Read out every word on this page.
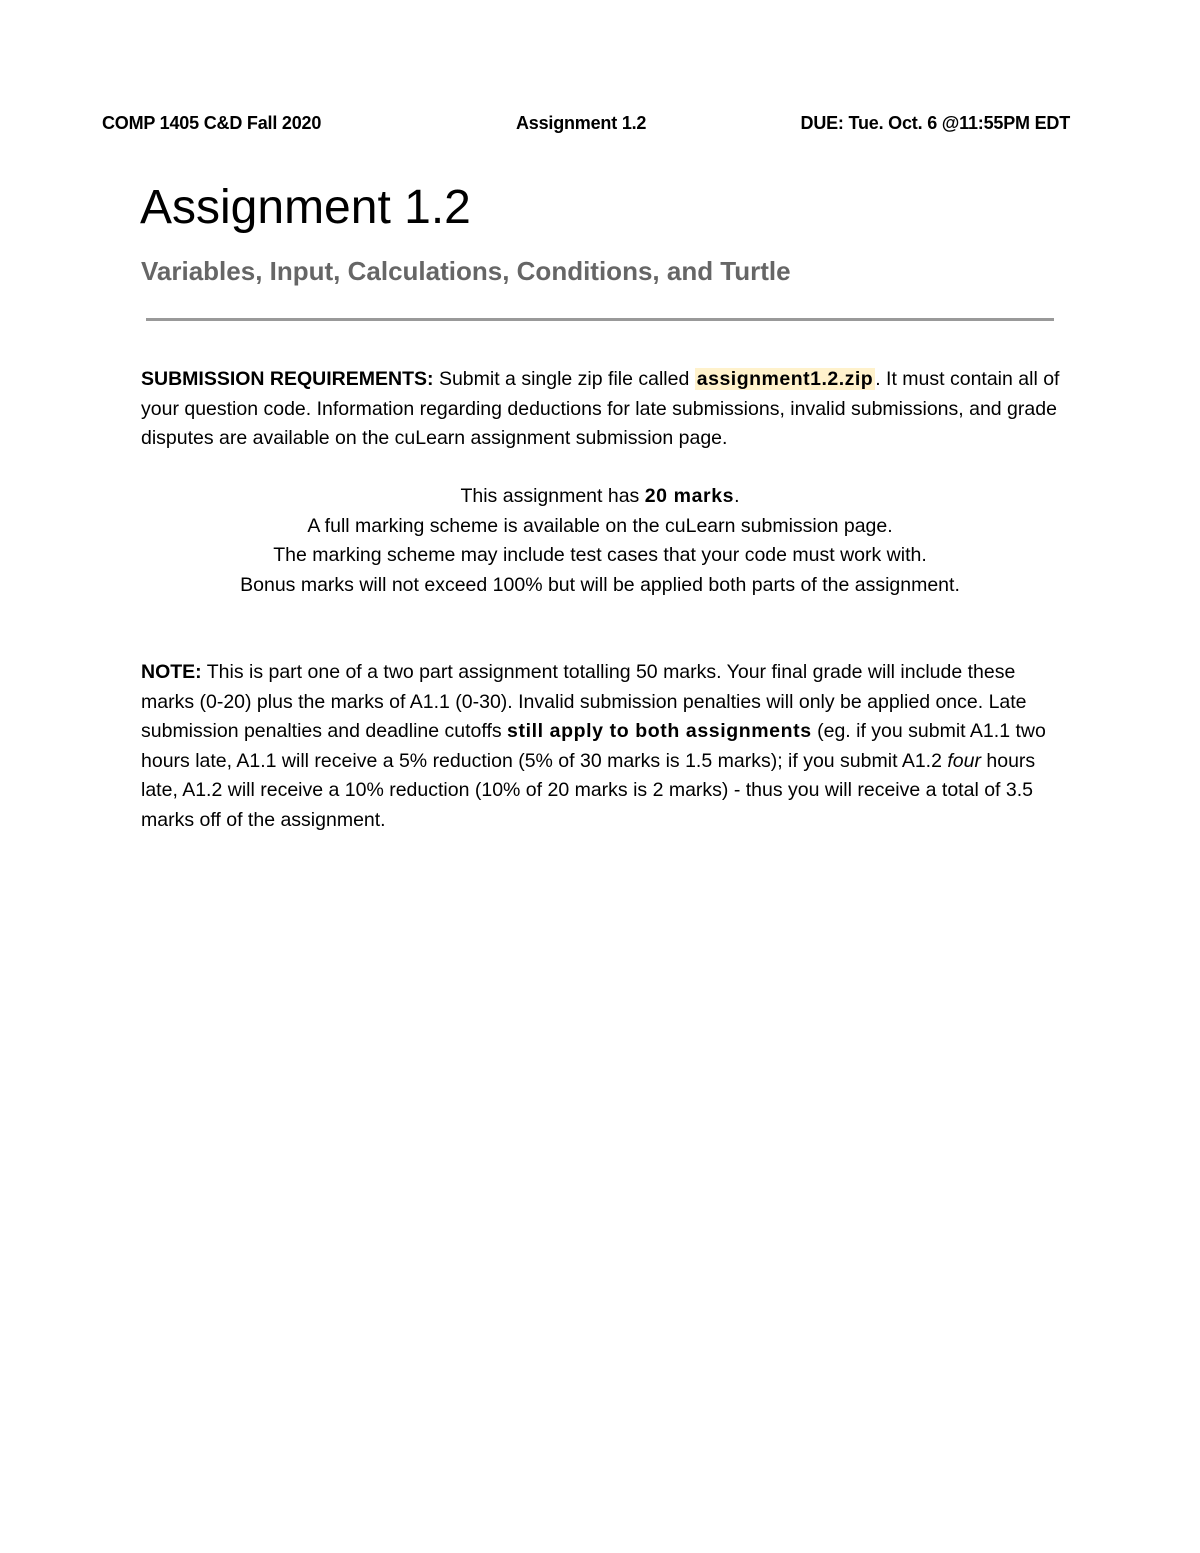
COMP 1405 C&D Fall 2020	Assignment 1.2	DUE: Tue. Oct. 6 @11:55PM EDT
Assignment 1.2
Variables, Input, Calculations, Conditions, and Turtle

SUBMISSION REQUIREMENTS: Submit a single zip file called assignment1.2.zip . It must contain all of your question code. Information regarding deductions for late submissions, invalid submissions, and grade disputes are available on the cuLearn assignment submission page.

This assignment has 20 marks.
A full marking scheme is available on the cuLearn submission page.
The marking scheme may include test cases that your code must work with.
Bonus marks will not exceed 100% but will be applied both parts of the assignment.

NOTE: This is part one of a two part assignment totalling 50 marks. Your final grade will include these marks (0-20) plus the marks of A1.1 (0-30). Invalid submission penalties will only be applied once. Late submission penalties and deadline cutoffs still apply to both assignments (eg. if you submit A1.1 two hours late, A1.1 will receive a 5% reduction (5% of 30 marks is 1.5 marks); if you submit A1.2 four hours late, A1.2 will receive a 10% reduction (10% of 20 marks is 2 marks) - thus you will receive a total of 3.5 marks off of the assignment.
